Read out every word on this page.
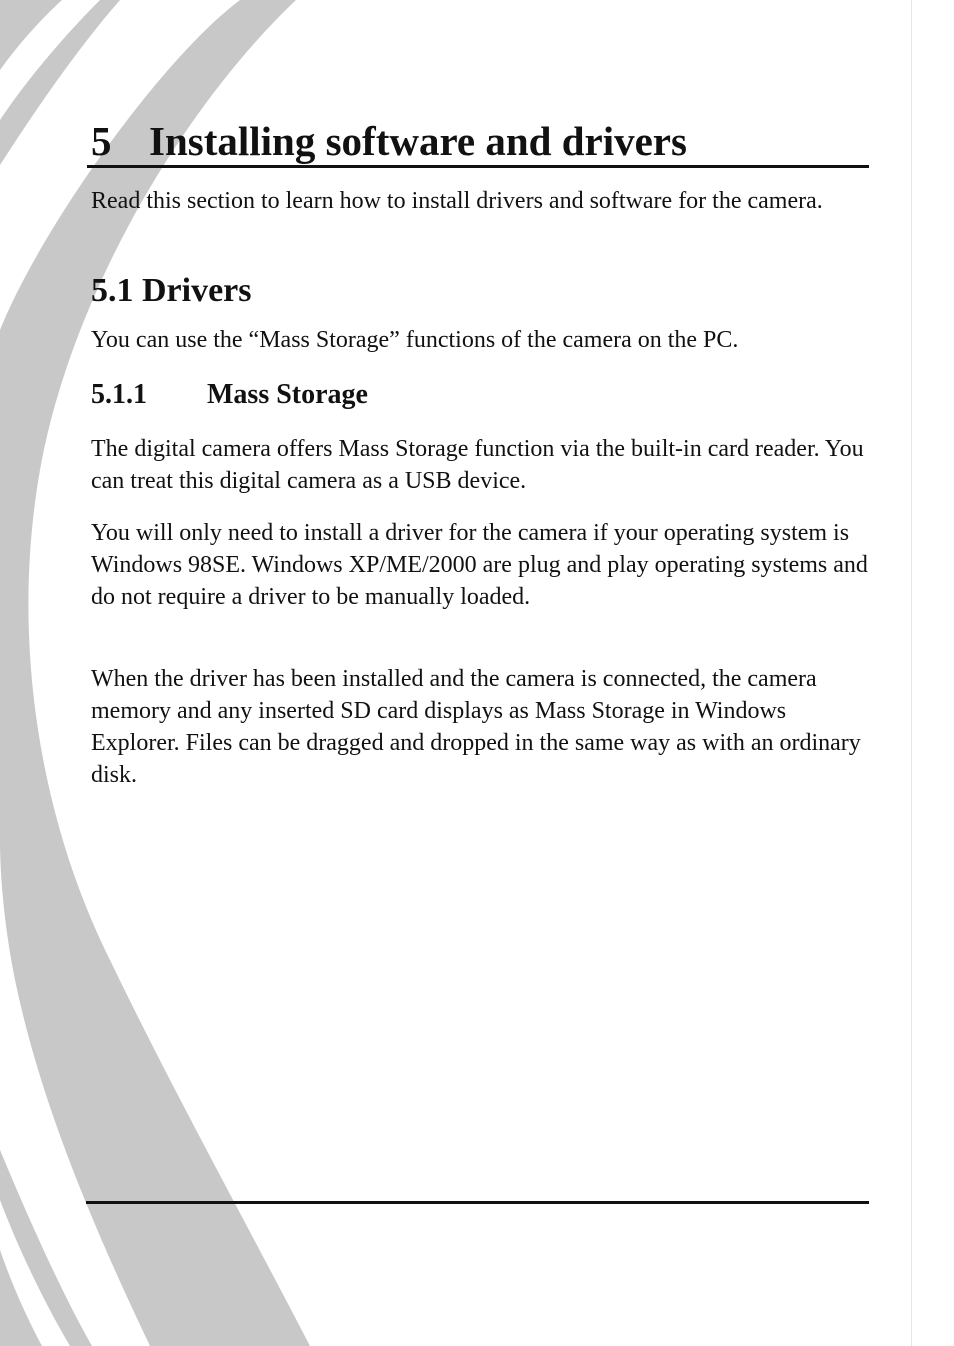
5 Installing software and drivers

Read this section to learn how to install drivers and software for the camera.

5.1 Drivers

You can use the “Mass Storage” functions of the camera on the PC.

5.1.1 Mass Storage

The digital camera offers Mass Storage function via the built-in card reader. You can treat this digital camera as a USB device.

You will only need to install a driver for the camera if your operating system is Windows 98SE. Windows XP/ME/2000 are plug and play operating systems and do not require a driver to be manually loaded.

When the driver has been installed and the camera is connected, the camera memory and any inserted SD card displays as Mass Storage in Windows Explorer. Files can be dragged and dropped in the same way as with an ordinary disk.
